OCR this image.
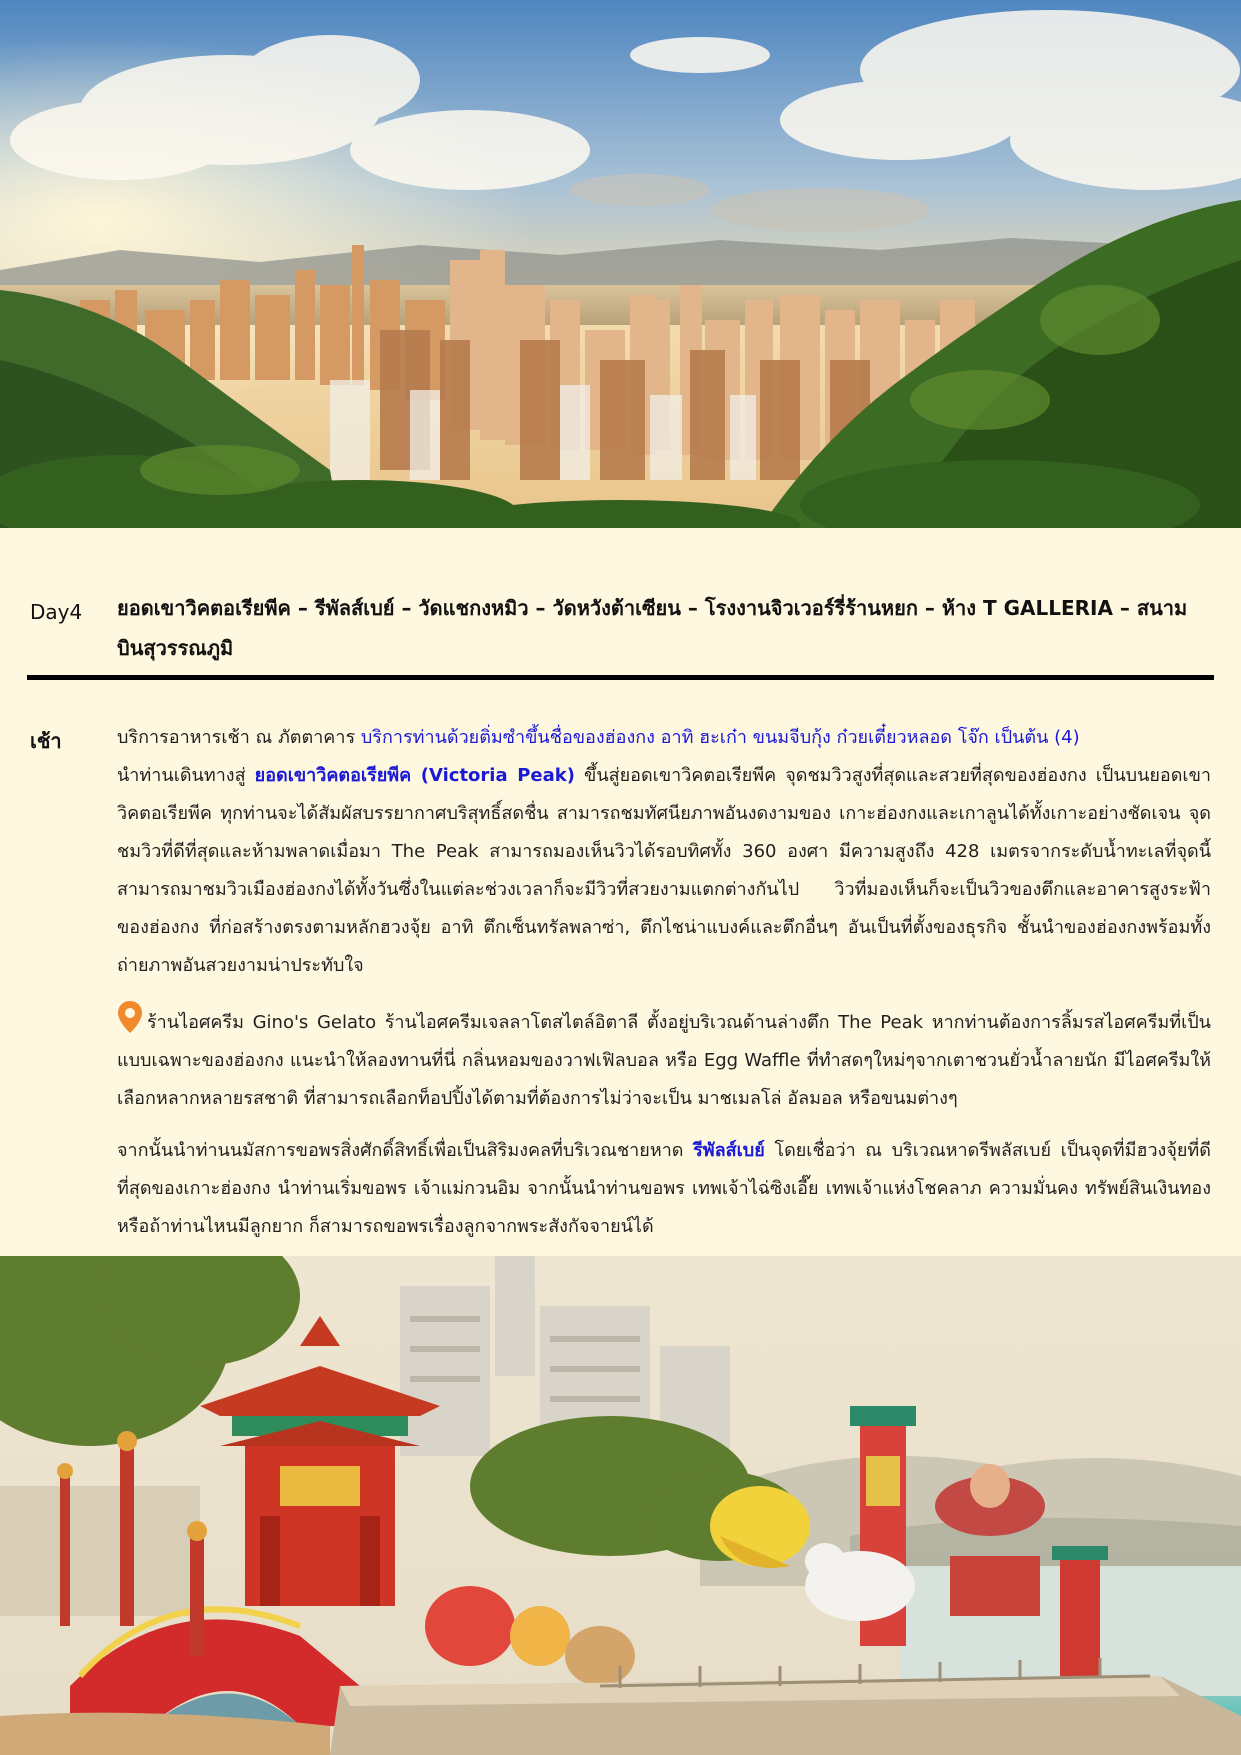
Day4 ยอดเขาวิคตอเรียพีค – รีพัลส์เบย์ – วัดแชกงหมิว – วัดหวังต้าเซียน – โรงงานจิวเวอร์รี่ร้านหยก – ห้าง T GALLERIA – สนามบินสุวรรณภูมิ
เช้า	บริการอาหารเช้า ณ ภัตตาคาร บริการท่านด้วยติ่มซำขึ้นชื่อของฮ่องกง อาทิ ฮะเก๋า ขนมจีบกุ้ง ก๋วยเตี๋ยวหลอด โจ๊ก เป็นต้น (4)
นำท่านเดินทางสู่ ยอดเขาวิคตอเรียพีค (Victoria Peak) ขึ้นสู่ยอดเขาวิคตอเรียพีค จุดชมวิวสูงที่สุดและสวยที่สุดของฮ่องกง เป็นบนยอดเขาวิคตอเรียพีค ทุกท่านจะได้สัมผัสบรรยากาศบริสุทธิ์สดชื่น สามารถชมทัศนียภาพอันงดงามของ เกาะฮ่องกงและเกาลูนได้ทั้งเกาะอย่างชัดเจน จุดชมวิวที่ดีที่สุดและห้ามพลาดเมื่อมา The Peak สามารถมองเห็นวิวได้รอบทิศทั้ง 360 องศา มีความสูงถึง 428 เมตรจากระดับน้ำทะเลที่จุดนี้สามารถมาชมวิวเมืองฮ่องกงได้ทั้งวันซึ่งในแต่ละช่วงเวลาก็จะมีวิวที่สวยงามแตกต่างกันไป วิวที่มองเห็นก็จะเป็นวิวของตึกและอาคารสูงระฟ้าของฮ่องกง ที่ก่อสร้างตรงตามหลักฮวงจุ้ย อาทิ ตึกเซ็นทรัลพลาซ่า, ตึกไชน่าแบงค์และตึกอื่นๆ อันเป็นที่ตั้งของธุรกิจ ชั้นนำของฮ่องกงพร้อมทั้งถ่ายภาพอันสวยงามน่าประทับใจ
ร้านไอศครีม Gino's Gelato ร้านไอศครีมเจลลาโตสไตล์อิตาลี ตั้งอยู่บริเวณด้านล่างตึก The Peak หากท่านต้องการลิ้มรสไอศครีมที่เป็นแบบเฉพาะของฮ่องกง แนะนำให้ลองทานที่นี่ กลิ่นหอมของวาฟเฟิลบอล หรือ Egg Waffle ที่ทำสดๆใหม่ๆจากเตาชวนยั่วน้ำลายนัก มีไอศครีมให้เลือกหลากหลายรสชาติ ที่สามารถเลือกท็อปปิ้งได้ตามที่ต้องการไม่ว่าจะเป็น มาชเมลโล่ อัลมอล หรือขนมต่างๆ
จากนั้นนำท่านนมัสการขอพรสิ่งศักดิ์สิทธิ์เพื่อเป็นสิริมงคลที่บริเวณชายหาด รีพัลส์เบย์ โดยเชื่อว่า ณ บริเวณหาดรีพลัสเบย์ เป็นจุดที่มีฮวงจุ้ยที่ดีที่สุดของเกาะฮ่องกง นำท่านเริ่มขอพร เจ้าแม่กวนอิม จากนั้นนำท่านขอพร เทพเจ้าไฉ่ซิงเอี๊ย เทพเจ้าแห่งโชคลาภ ความมั่นคง ทรัพย์สินเงินทอง หรือถ้าท่านไหนมีลูกยาก ก็สามารถขอพรเรื่องลูกจากพระสังกัจจายน์ได้
